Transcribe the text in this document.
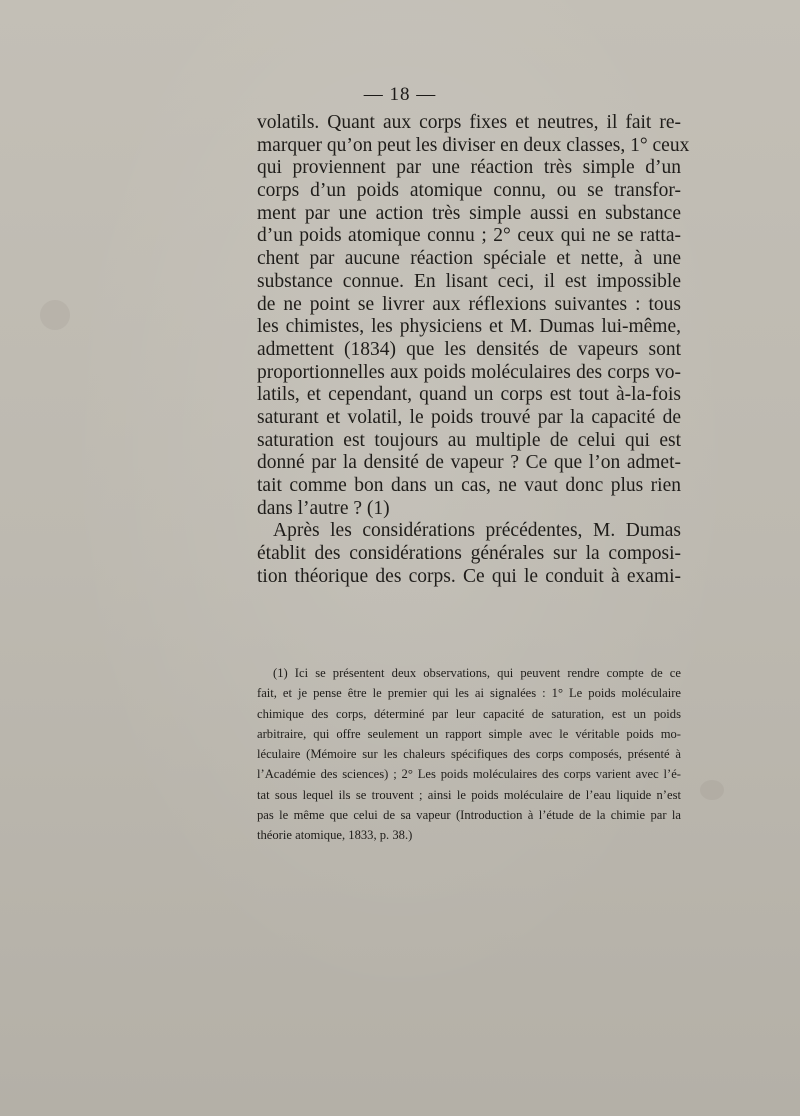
— 18 —
volatils. Quant aux corps fixes et neutres, il fait re-
marquer qu’on peut les diviser en deux classes, 1° ceux
qui proviennent par une réaction très simple d’un
corps d’un poids atomique connu, ou se transfor-
ment par une action très simple aussi en substance
d’un poids atomique connu ; 2° ceux qui ne se ratta-
chent par aucune réaction spéciale et nette, à une
substance connue. En lisant ceci, il est impossible
de ne point se livrer aux réflexions suivantes : tous
les chimistes, les physiciens et M. Dumas lui-même,
admettent (1834) que les densités de vapeurs sont
proportionnelles aux poids moléculaires des corps vo-
latils, et cependant, quand un corps est tout à-la-fois
saturant et volatil, le poids trouvé par la capacité de
saturation est toujours au multiple de celui qui est
donné par la densité de vapeur ? Ce que l’on admet-
tait comme bon dans un cas, ne vaut donc plus rien
dans l’autre ? (1)
Après les considérations précédentes, M. Dumas
établit des considérations générales sur la composi-
tion théorique des corps. Ce qui le conduit à exami-
(1) Ici se présentent deux observations, qui peuvent rendre compte de ce
fait, et je pense être le premier qui les ai signalées : 1° Le poids moléculaire
chimique des corps, déterminé par leur capacité de saturation, est un poids
arbitraire, qui offre seulement un rapport simple avec le véritable poids mo-
léculaire (Mémoire sur les chaleurs spécifiques des corps composés, présenté à
l’Académie des sciences) ; 2° Les poids moléculaires des corps varient avec l’é-
tat sous lequel ils se trouvent ; ainsi le poids moléculaire de l’eau liquide n’est
pas le même que celui de sa vapeur (Introduction à l’étude de la chimie par la
théorie atomique, 1833, p. 38.)
